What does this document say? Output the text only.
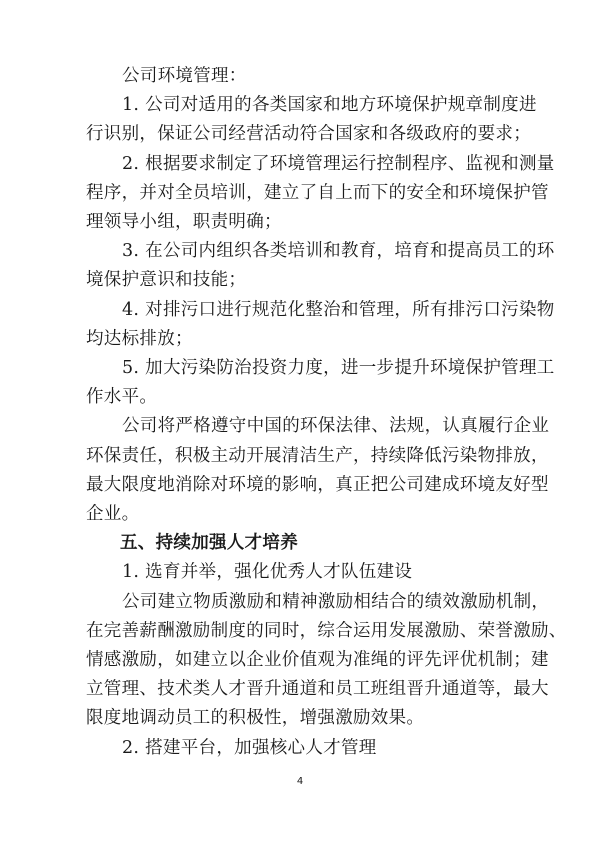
公司环境管理：
1. 公司对适用的各类国家和地方环境保护规章制度进
行识别，保证公司经营活动符合国家和各级政府的要求；
2. 根据要求制定了环境管理运行控制程序、监视和测量
程序，并对全员培训，建立了自上而下的安全和环境保护管
理领导小组，职责明确；
3. 在公司内组织各类培训和教育，培育和提高员工的环
境保护意识和技能；
4. 对排污口进行规范化整治和管理，所有排污口污染物
均达标排放；
5. 加大污染防治投资力度，进一步提升环境保护管理工
作水平。
公司将严格遵守中国的环保法律、法规，认真履行企业
环保责任，积极主动开展清洁生产，持续降低污染物排放，
最大限度地消除对环境的影响，真正把公司建成环境友好型
企业。
五、持续加强人才培养
1. 选育并举，强化优秀人才队伍建设
公司建立物质激励和精神激励相结合的绩效激励机制，
在完善薪酬激励制度的同时，综合运用发展激励、荣誉激励、
情感激励，如建立以企业价值观为准绳的评先评优机制；建
立管理、技术类人才晋升通道和员工班组晋升通道等，最大
限度地调动员工的积极性，增强激励效果。
2. 搭建平台，加强核心人才管理
4
